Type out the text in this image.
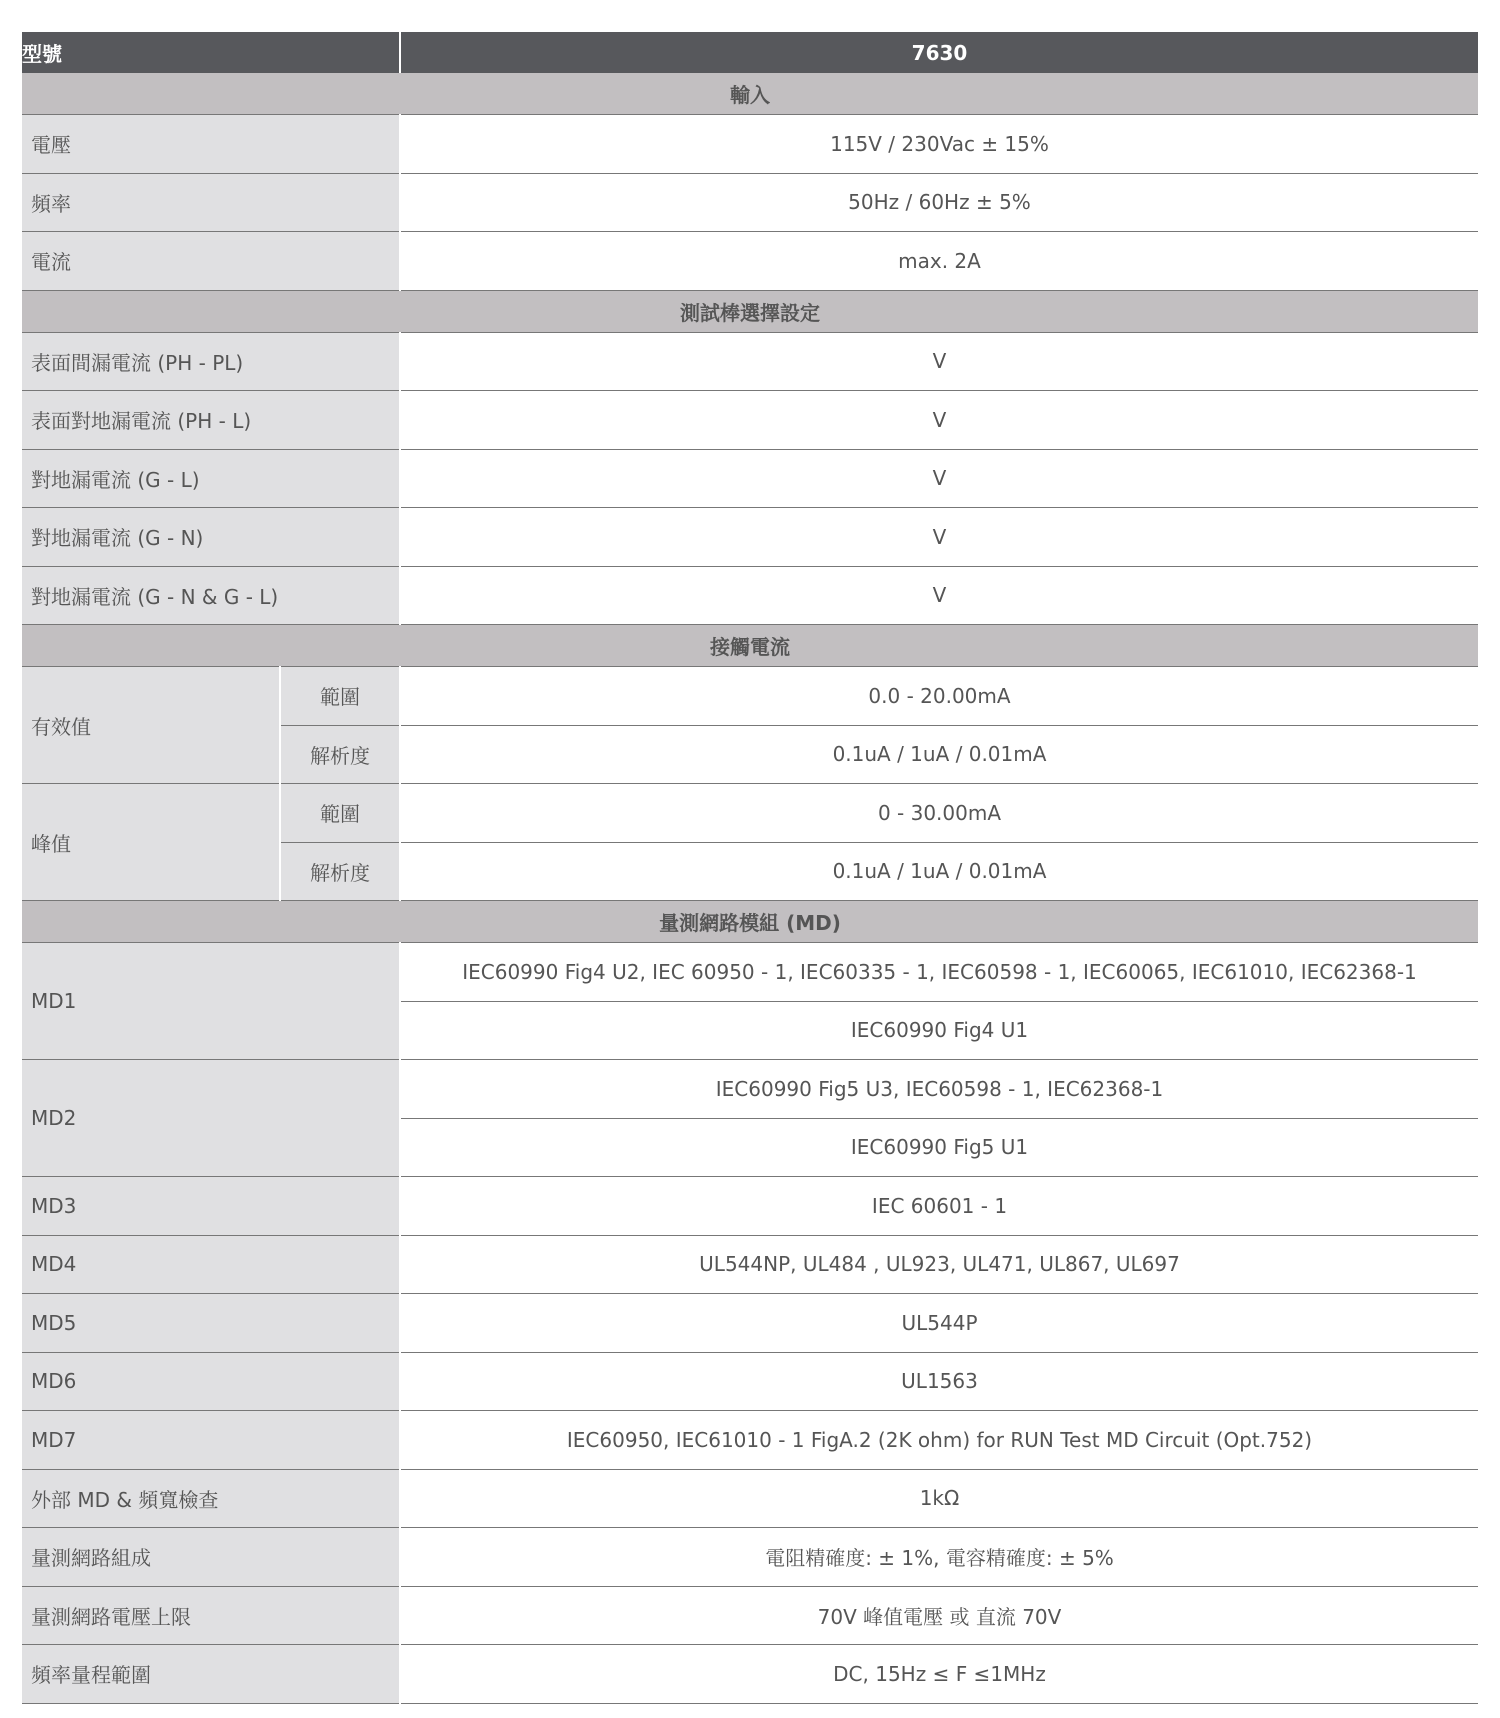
型號		7630
輸入		
電壓		115V / 230Vac ± 15%
頻率		50Hz / 60Hz ± 5%
電流		max. 2A
測試棒選擇設定		
表面間漏電流 (PH - PL)		V
表面對地漏電流 (PH - L)		V
對地漏電流 (G - L)		V
對地漏電流 (G - N)		V
對地漏電流 (G - N & G - L)		V
接觸電流		
有效值	範圍	0.0 - 20.00mA
	解析度	0.1uA / 1uA / 0.01mA
峰值	範圍	0 - 30.00mA
	解析度	0.1uA / 1uA / 0.01mA
量測網路模組 (MD)		
MD1		IEC60990 Fig4 U2, IEC 60950 - 1, IEC60335 - 1, IEC60598 - 1, IEC60065, IEC61010, IEC62368-1
		IEC60990 Fig4 U1
MD2		IEC60990 Fig5 U3, IEC60598 - 1, IEC62368-1
		IEC60990 Fig5 U1
MD3		IEC 60601 - 1
MD4		UL544NP, UL484 , UL923, UL471, UL867, UL697
MD5		UL544P
MD6		UL1563
MD7		IEC60950, IEC61010 - 1 FigA.2 (2K ohm) for RUN Test MD Circuit (Opt.752)
外部 MD & 頻寬檢查		1kΩ
量測網路組成		電阻精確度: ± 1%, 電容精確度: ± 5%
量測網路電壓上限		70V 峰值電壓 或 直流 70V
頻率量程範圍		DC, 15Hz ≤ F ≤1MHz
